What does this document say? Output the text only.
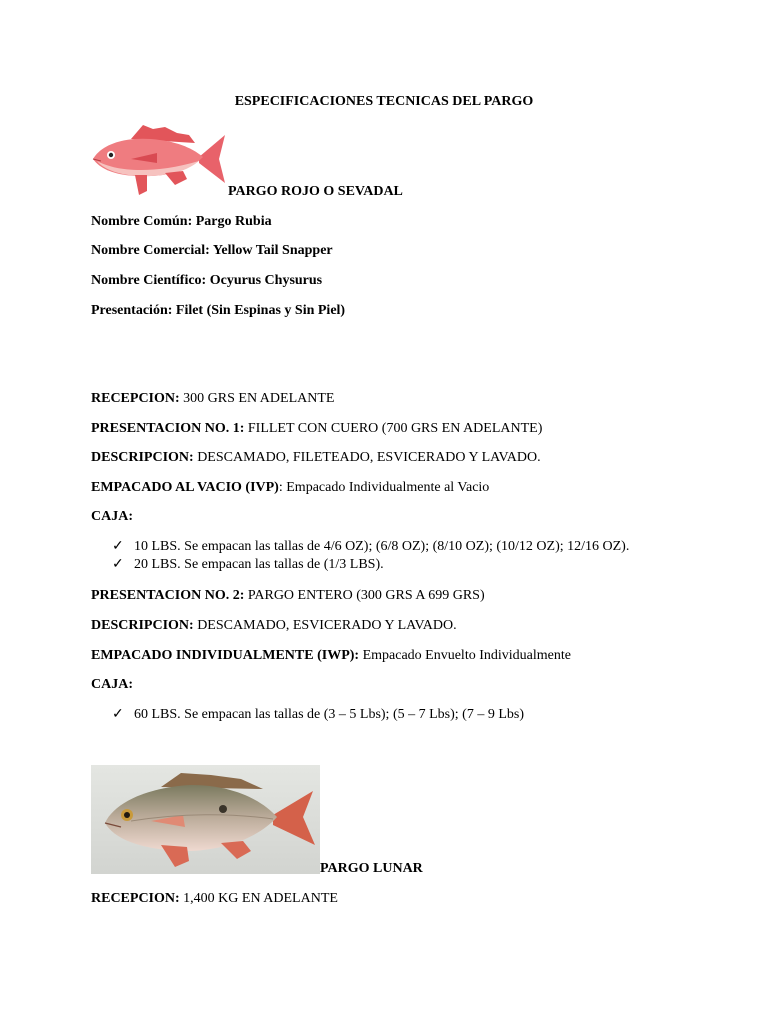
ESPECIFICACIONES TECNICAS DEL PARGO
PARGO ROJO O SEVADAL
Nombre Común: Pargo Rubia
Nombre Comercial: Yellow Tail Snapper
Nombre Científico: Ocyurus Chysurus
Presentación: Filet (Sin Espinas y Sin Piel)
RECEPCION: 300 GRS EN ADELANTE
PRESENTACION NO. 1: FILLET CON CUERO (700 GRS EN ADELANTE)
DESCRIPCION: DESCAMADO, FILETEADO, ESVICERADO Y LAVADO.
EMPACADO AL VACIO (IVP): Empacado Individualmente al Vacio
CAJA:
✓ 10 LBS. Se empacan las tallas de 4/6 OZ); (6/8 OZ); (8/10 OZ); (10/12 OZ); 12/16 OZ).
✓ 20 LBS. Se empacan las tallas de (1/3 LBS).
PRESENTACION NO. 2: PARGO ENTERO (300 GRS A 699 GRS)
DESCRIPCION: DESCAMADO, ESVICERADO Y LAVADO.
EMPACADO INDIVIDUALMENTE (IWP): Empacado Envuelto Individualmente
CAJA:
✓ 60 LBS. Se empacan las tallas de (3 – 5 Lbs); (5 – 7 Lbs); (7 – 9 Lbs)
PARGO LUNAR
RECEPCION: 1,400 KG EN ADELANTE
